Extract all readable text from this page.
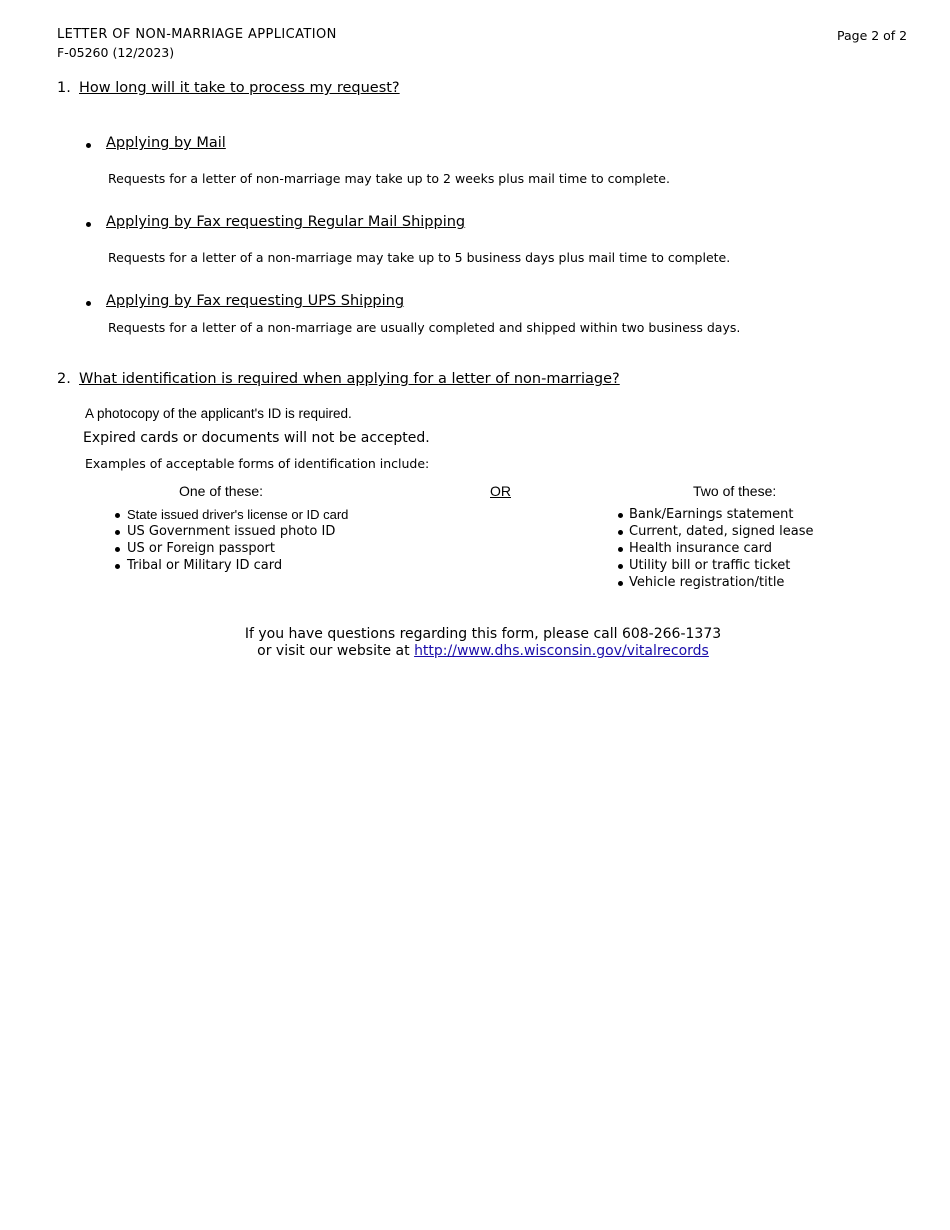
LETTER OF NON-MARRIAGE APPLICATION
F-05260 (12/2023)
Page 2 of 2
1. How long will it take to process my request?
Applying by Mail
Requests for a letter of non-marriage may take up to 2 weeks plus mail time to complete.
Applying by Fax requesting Regular Mail Shipping
Requests for a letter of a non-marriage may take up to 5 business days plus mail time to complete.
Applying by Fax requesting UPS Shipping
Requests for a letter of a non-marriage are usually completed and shipped within two business days.
2. What identification is required when applying for a letter of non-marriage?
A photocopy of the applicant's ID is required.
Expired cards or documents will not be accepted.
Examples of acceptable forms of identification include:
One of these:	OR	Two of these:
State issued driver's license or ID card
US Government issued photo ID
US or Foreign passport
Tribal or Military ID card
Bank/Earnings statement
Current, dated, signed lease
Health insurance card
Utility bill or traffic ticket
Vehicle registration/title
If you have questions regarding this form, please call 608-266-1373
or visit our website at http://www.dhs.wisconsin.gov/vitalrecords
